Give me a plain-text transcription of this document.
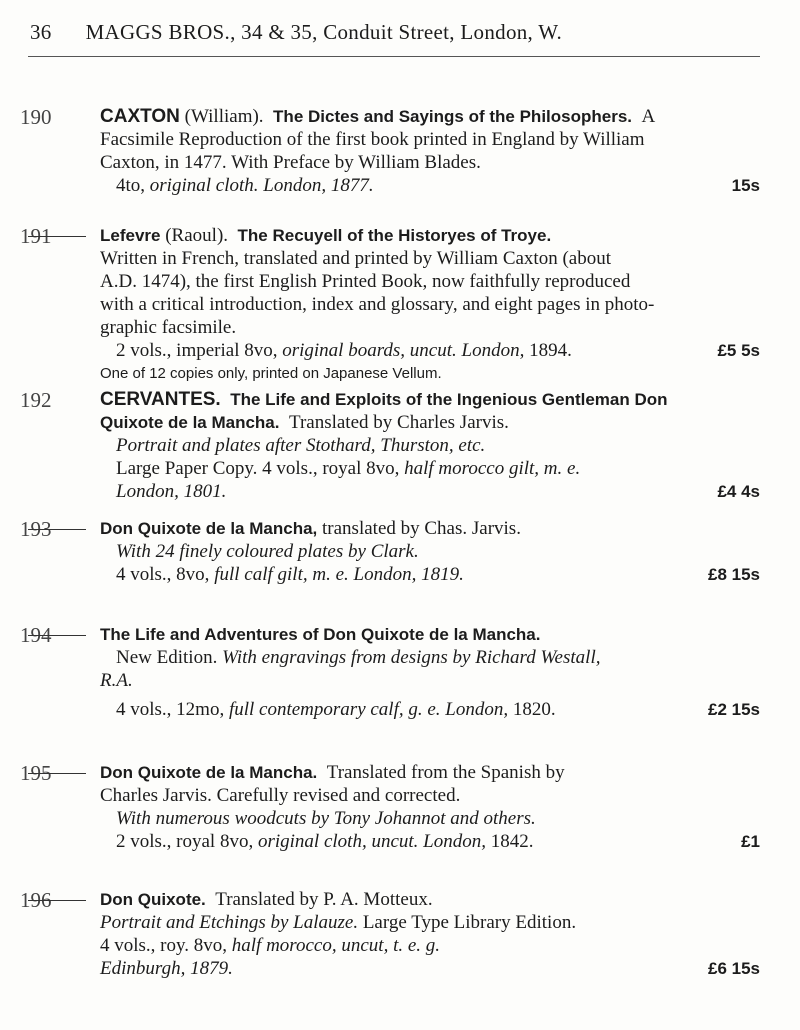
36 MAGGS BROS., 34 & 35, Conduit Street, London, W.
190	CAXTON (William). The Dictes and Sayings of the Philosophers. A
Facsimile Reproduction of the first book printed in England by William
Caxton, in 1477. With Preface by William Blades.
4to, original cloth. London, 1877.	15s
191	Lefevre (Raoul). The Recuyell of the Historyes of Troye.
Written in French, translated and printed by William Caxton (about
A.D. 1474), the first English Printed Book, now faithfully reproduced
with a critical introduction, index and glossary, and eight pages in photo-
graphic facsimile.
2 vols., imperial 8vo, original boards, uncut. London, 1894.	£5 5s
One of 12 copies only, printed on Japanese Vellum.
192	CERVANTES. The Life and Exploits of the Ingenious Gentleman Don
Quixote de la Mancha. Translated by Charles Jarvis.
Portrait and plates after Stothard, Thurston, etc.
Large Paper Copy. 4 vols., royal 8vo, half morocco gilt, m. e.
London, 1801.	£4 4s
193	Don Quixote de la Mancha, translated by Chas. Jarvis.
With 24 finely coloured plates by Clark.
4 vols., 8vo, full calf gilt, m. e. London, 1819.	£8 15s
194	The Life and Adventures of Don Quixote de la Mancha.
New Edition. With engravings from designs by Richard Westall,
R.A.
4 vols., 12mo, full contemporary calf, g. e. London, 1820.	£2 15s
195	Don Quixote de la Mancha. Translated from the Spanish by
Charles Jarvis. Carefully revised and corrected.
With numerous woodcuts by Tony Johannot and others.
2 vols., royal 8vo, original cloth, uncut. London, 1842.	£1
196	Don Quixote. Translated by P. A. Motteux.
Portrait and Etchings by Lalauze. Large Type Library Edition.
4 vols., roy. 8vo, half morocco, uncut, t. e. g.
Edinburgh, 1879.	£6 15s
